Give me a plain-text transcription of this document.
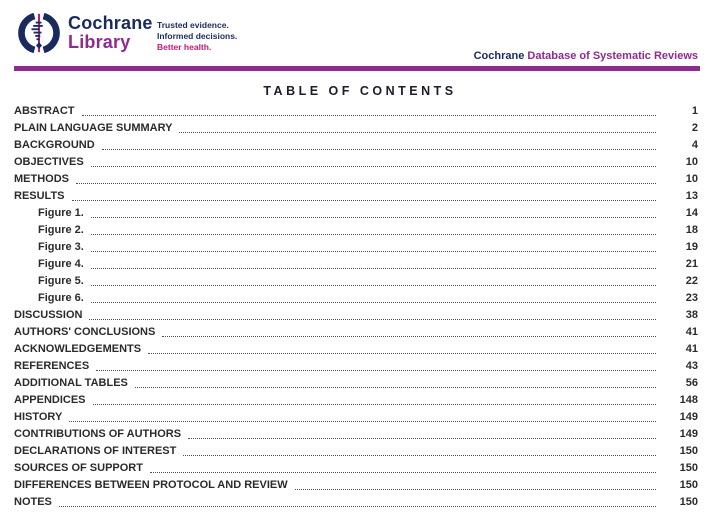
Cochrane
Library
Trusted evidence.
Informed decisions.
Better health.
Cochrane Database of Systematic Reviews
TABLE OF CONTENTS
ABSTRACT	1
PLAIN LANGUAGE SUMMARY	2
BACKGROUND	4
OBJECTIVES	10
METHODS	10
RESULTS	13
Figure 1.	14
Figure 2.	18
Figure 3.	19
Figure 4.	21
Figure 5.	22
Figure 6.	23
DISCUSSION	38
AUTHORS' CONCLUSIONS	41
ACKNOWLEDGEMENTS	41
REFERENCES	43
ADDITIONAL TABLES	56
APPENDICES	148
HISTORY	149
CONTRIBUTIONS OF AUTHORS	149
DECLARATIONS OF INTEREST	150
SOURCES OF SUPPORT	150
DIFFERENCES BETWEEN PROTOCOL AND REVIEW	150
NOTES	150
